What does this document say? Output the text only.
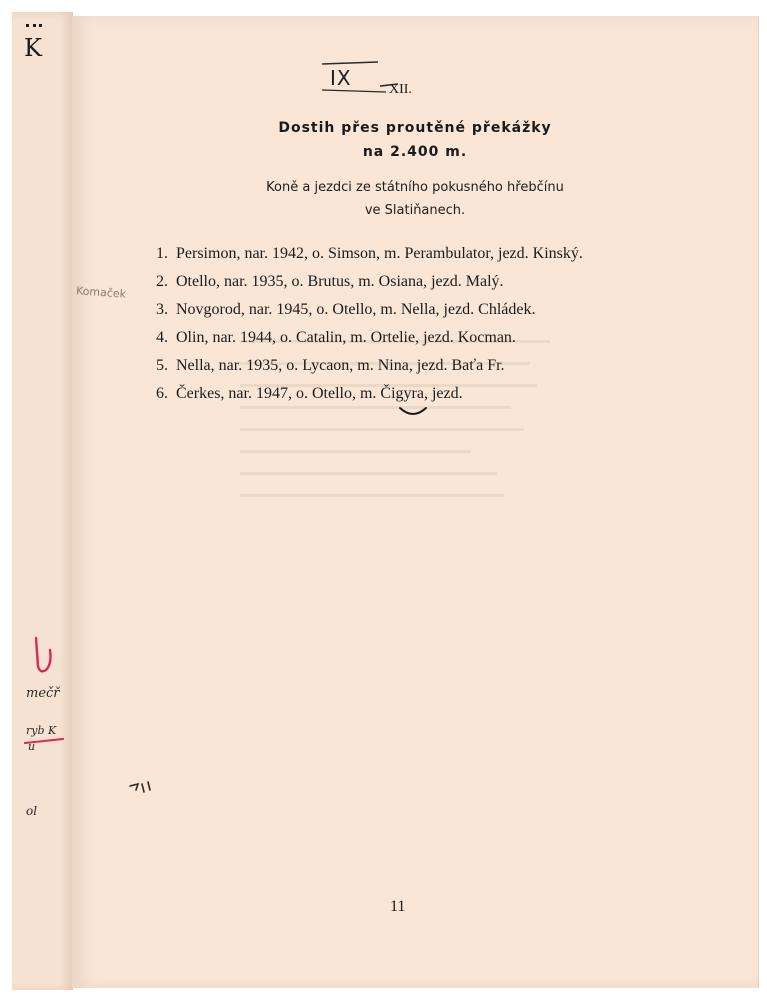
K
mečř
ryb K
u
ol
IX	XII.
Dostih přes proutěné překážky
na 2.400 m.
Koně a jezdci ze státního pokusného hřebčínu
ve Slatiňanech.
Komaček
1. Persimon, nar. 1942, o. Simson, m. Perambulator, jezd. Kinský.
2. Otello, nar. 1935, o. Brutus, m. Osiana, jezd. Malý.
3. Novgorod, nar. 1945, o. Otello, m. Nella, jezd. Chládek.
4. Olin, nar. 1944, o. Catalin, m. Ortelie, jezd. Kocman.
5. Nella, nar. 1935, o. Lycaon, m. Nina, jezd. Baťa Fr.
6. Čerkes, nar. 1947, o. Otello, m. Čigyra, jezd.
11
